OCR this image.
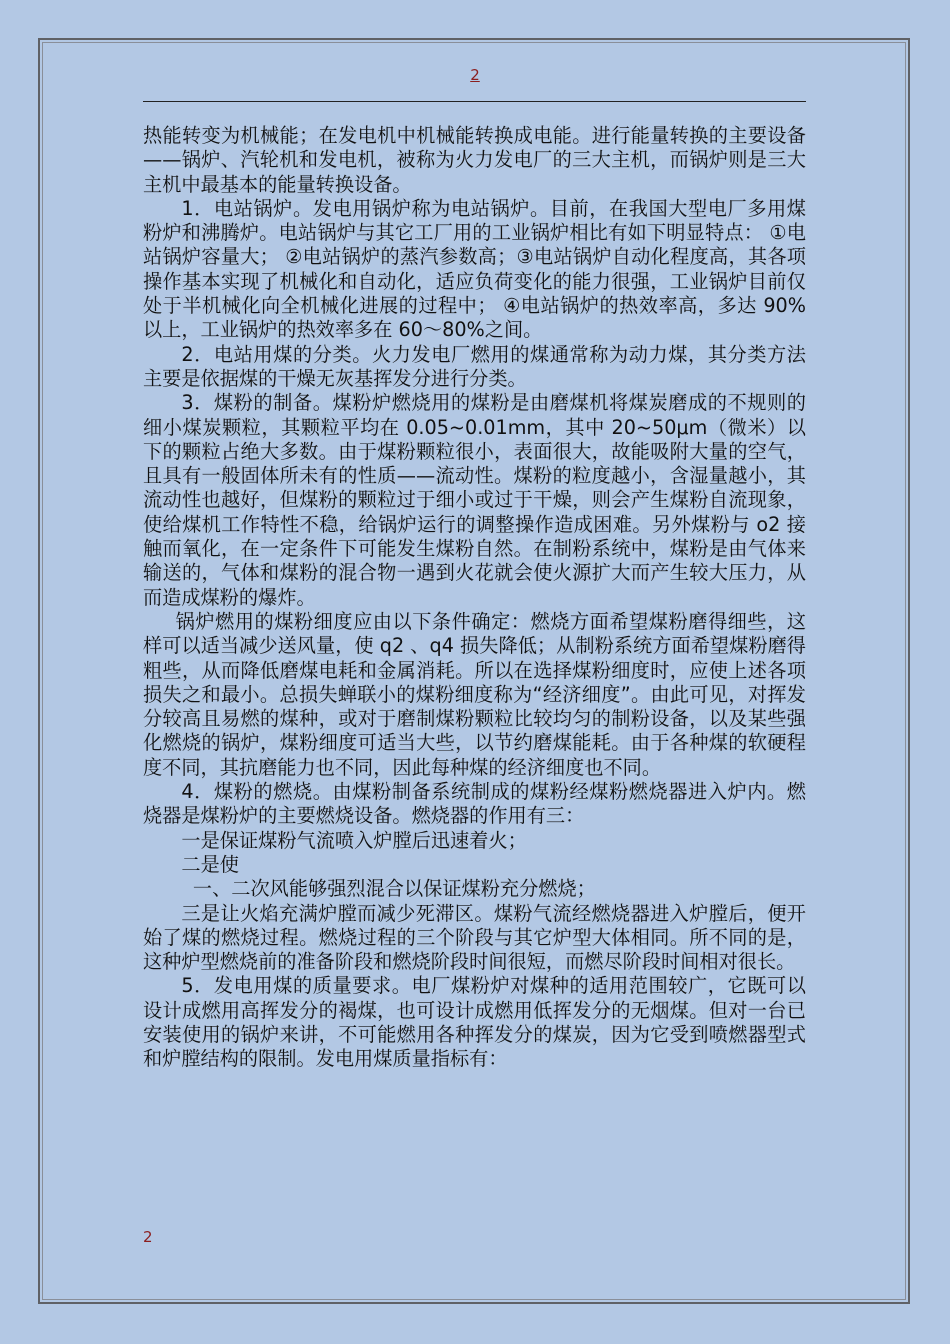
2

热能转变为机械能；在发电机中机械能转换成电能。进行能量转换的主要设备——锅炉、汽轮机和发电机，被称为火力发电厂的三大主机，而锅炉则是三大主机中最基本的能量转换设备。

1．电站锅炉。发电用锅炉称为电站锅炉。目前，在我国大型电厂多用煤粉炉和沸腾炉。电站锅炉与其它工厂用的工业锅炉相比有如下明显特点： ①电站锅炉容量大； ②电站锅炉的蒸汽参数高；③电站锅炉自动化程度高，其各项操作基本实现了机械化和自动化，适应负荷变化的能力很强，工业锅炉目前仅处于半机械化向全机械化进展的过程中； ④电站锅炉的热效率高，多达 90%以上，工业锅炉的热效率多在 60～80%之间。

2．电站用煤的分类。火力发电厂燃用的煤通常称为动力煤，其分类方法主要是依据煤的干燥无灰基挥发分进行分类。

3．煤粉的制备。煤粉炉燃烧用的煤粉是由磨煤机将煤炭磨成的不规则的细小煤炭颗粒，其颗粒平均在 0.05~0.01mm，其中 20~50μm（微米）以下的颗粒占绝大多数。由于煤粉颗粒很小，表面很大，故能吸附大量的空气，且具有一般固体所未有的性质——流动性。煤粉的粒度越小，含湿量越小，其流动性也越好，但煤粉的颗粒过于细小或过于干燥，则会产生煤粉自流现象，使给煤机工作特性不稳，给锅炉运行的调整操作造成困难。另外煤粉与 o2 接触而氧化，在一定条件下可能发生煤粉自然。在制粉系统中，煤粉是由气体来输送的，气体和煤粉的混合物一遇到火花就会使火源扩大而产生较大压力，从而造成煤粉的爆炸。

锅炉燃用的煤粉细度应由以下条件确定：燃烧方面希望煤粉磨得细些，这样可以适当减少送风量，使 q2 、q4 损失降低；从制粉系统方面希望煤粉磨得粗些，从而降低磨煤电耗和金属消耗。所以在选择煤粉细度时，应使上述各项损失之和最小。总损失蝉联小的煤粉细度称为“经济细度”。由此可见，对挥发分较高且易燃的煤种，或对于磨制煤粉颗粒比较均匀的制粉设备，以及某些强化燃烧的锅炉，煤粉细度可适当大些，以节约磨煤能耗。由于各种煤的软硬程度不同，其抗磨能力也不同，因此每种煤的经济细度也不同。

4．煤粉的燃烧。由煤粉制备系统制成的煤粉经煤粉燃烧器进入炉内。燃烧器是煤粉炉的主要燃烧设备。燃烧器的作用有三：

一是保证煤粉气流喷入炉膛后迅速着火；

二是使

一、二次风能够强烈混合以保证煤粉充分燃烧；

三是让火焰充满炉膛而减少死滞区。煤粉气流经燃烧器进入炉膛后，便开始了煤的燃烧过程。燃烧过程的三个阶段与其它炉型大体相同。所不同的是，这种炉型燃烧前的准备阶段和燃烧阶段时间很短，而燃尽阶段时间相对很长。

5．发电用煤的质量要求。电厂煤粉炉对煤种的适用范围较广，它既可以设计成燃用高挥发分的褐煤，也可设计成燃用低挥发分的无烟煤。但对一台已安装使用的锅炉来讲，不可能燃用各种挥发分的煤炭，因为它受到喷燃器型式和炉膛结构的限制。发电用煤质量指标有：

2
